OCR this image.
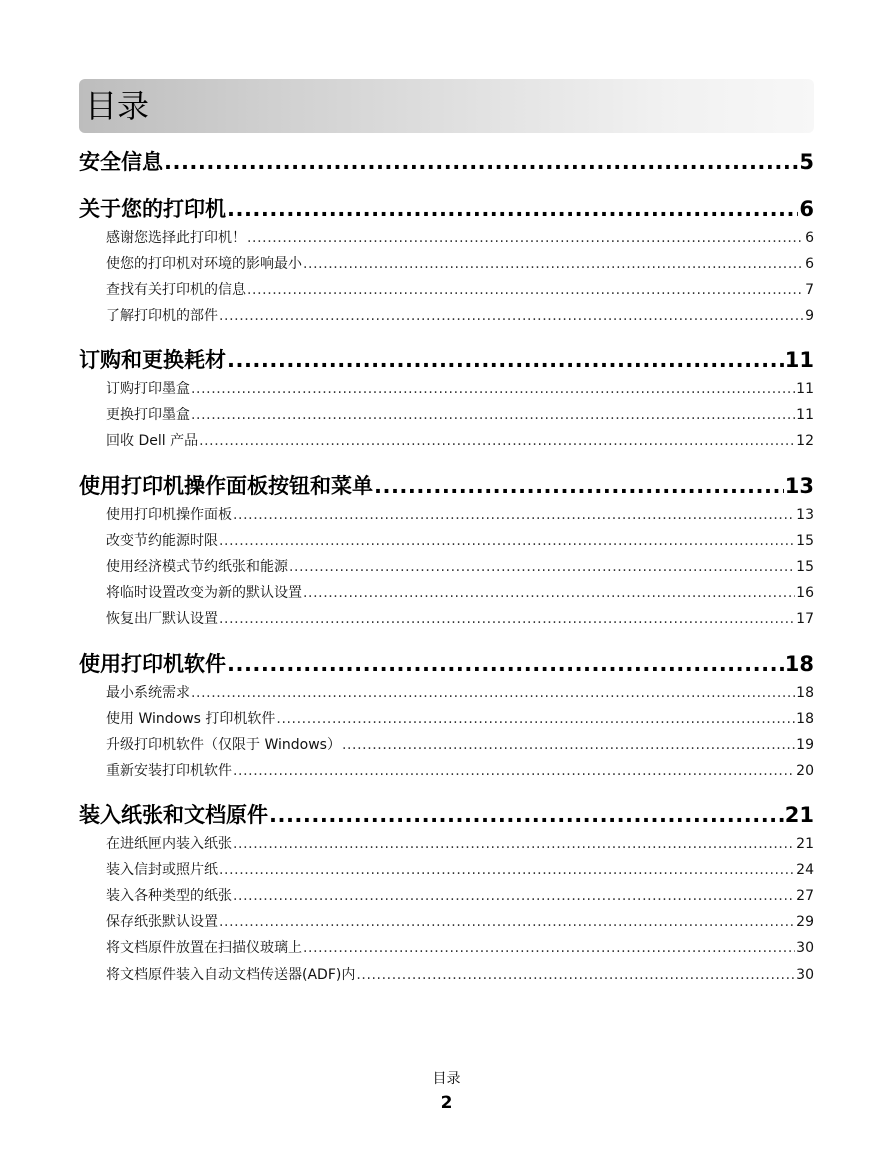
目录
安全信息 .....	5
关于您的打印机 .....	6
感谢您选择此打印机！ .....	6
使您的打印机对环境的影响最小 .....	6
查找有关打印机的信息 .....	7
了解打印机的部件 .....	9
订购和更换耗材 .....	11
订购打印墨盒 .....	11
更换打印墨盒 .....	11
回收 Dell 产品 .....	12
使用打印机操作面板按钮和菜单 .....	13
使用打印机操作面板 .....	13
改变节约能源时限 .....	15
使用经济模式节约纸张和能源 .....	15
将临时设置改变为新的默认设置 .....	16
恢复出厂默认设置 .....	17
使用打印机软件 .....	18
最小系统需求 .....	18
使用 Windows 打印机软件 .....	18
升级打印机软件（仅限于 Windows） .....	19
重新安装打印机软件 .....	20
装入纸张和文档原件 .....	21
在进纸匣内装入纸张 .....	21
装入信封或照片纸 .....	24
装入各种类型的纸张 .....	27
保存纸张默认设置 .....	29
将文档原件放置在扫描仪玻璃上 .....	30
将文档原件装入自动文档传送器(ADF)内 .....	30
目录
2
